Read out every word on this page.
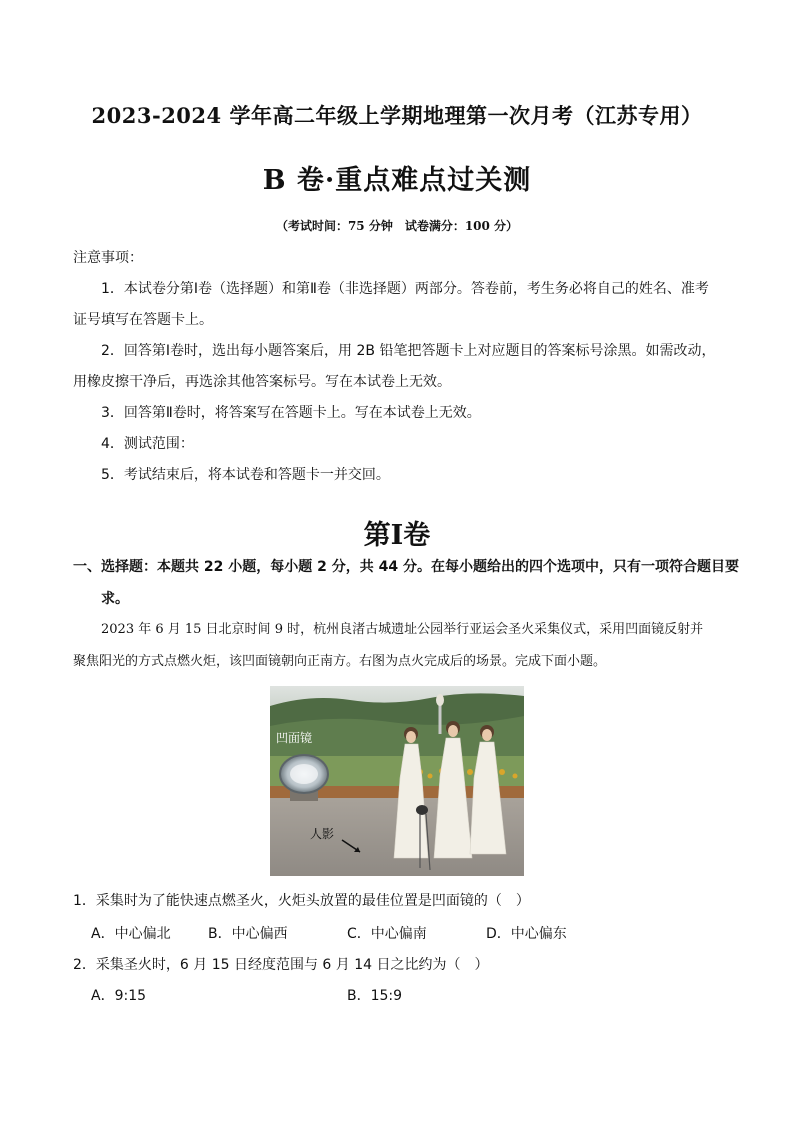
2023-2024 学年高二年级上学期地理第一次月考（江苏专用）
B 卷·重点难点过关测
（考试时间：75 分钟　试卷满分：100 分）
注意事项：
1．本试卷分第Ⅰ卷（选择题）和第Ⅱ卷（非选择题）两部分。答卷前，考生务必将自己的姓名、准考
证号填写在答题卡上。
2．回答第Ⅰ卷时，选出每小题答案后，用 2B 铅笔把答题卡上对应题目的答案标号涂黑。如需改动，
用橡皮擦干净后，再选涂其他答案标号。写在本试卷上无效。
3．回答第Ⅱ卷时，将答案写在答题卡上。写在本试卷上无效。
4．测试范围：
5．考试结束后，将本试卷和答题卡一并交回。
第Ⅰ卷
一、选择题：本题共 22 小题，每小题 2 分，共 44 分。在每小题给出的四个选项中，只有一项符合题目要
求。
2023 年 6 月 15 日北京时间 9 时，杭州良渚古城遗址公园举行亚运会圣火采集仪式，采用凹面镜反射并
聚焦阳光的方式点燃火炬，该凹面镜朝向正南方。右图为点火完成后的场景。完成下面小题。
凹面镜
人影
1．采集时为了能快速点燃圣火，火炬头放置的最佳位置是凹面镜的（　）
A．中心偏北	B．中心偏西	C．中心偏南	D．中心偏东
2．采集圣火时，6 月 15 日经度范围与 6 月 14 日之比约为（　）
A．9:15	B．15:9
